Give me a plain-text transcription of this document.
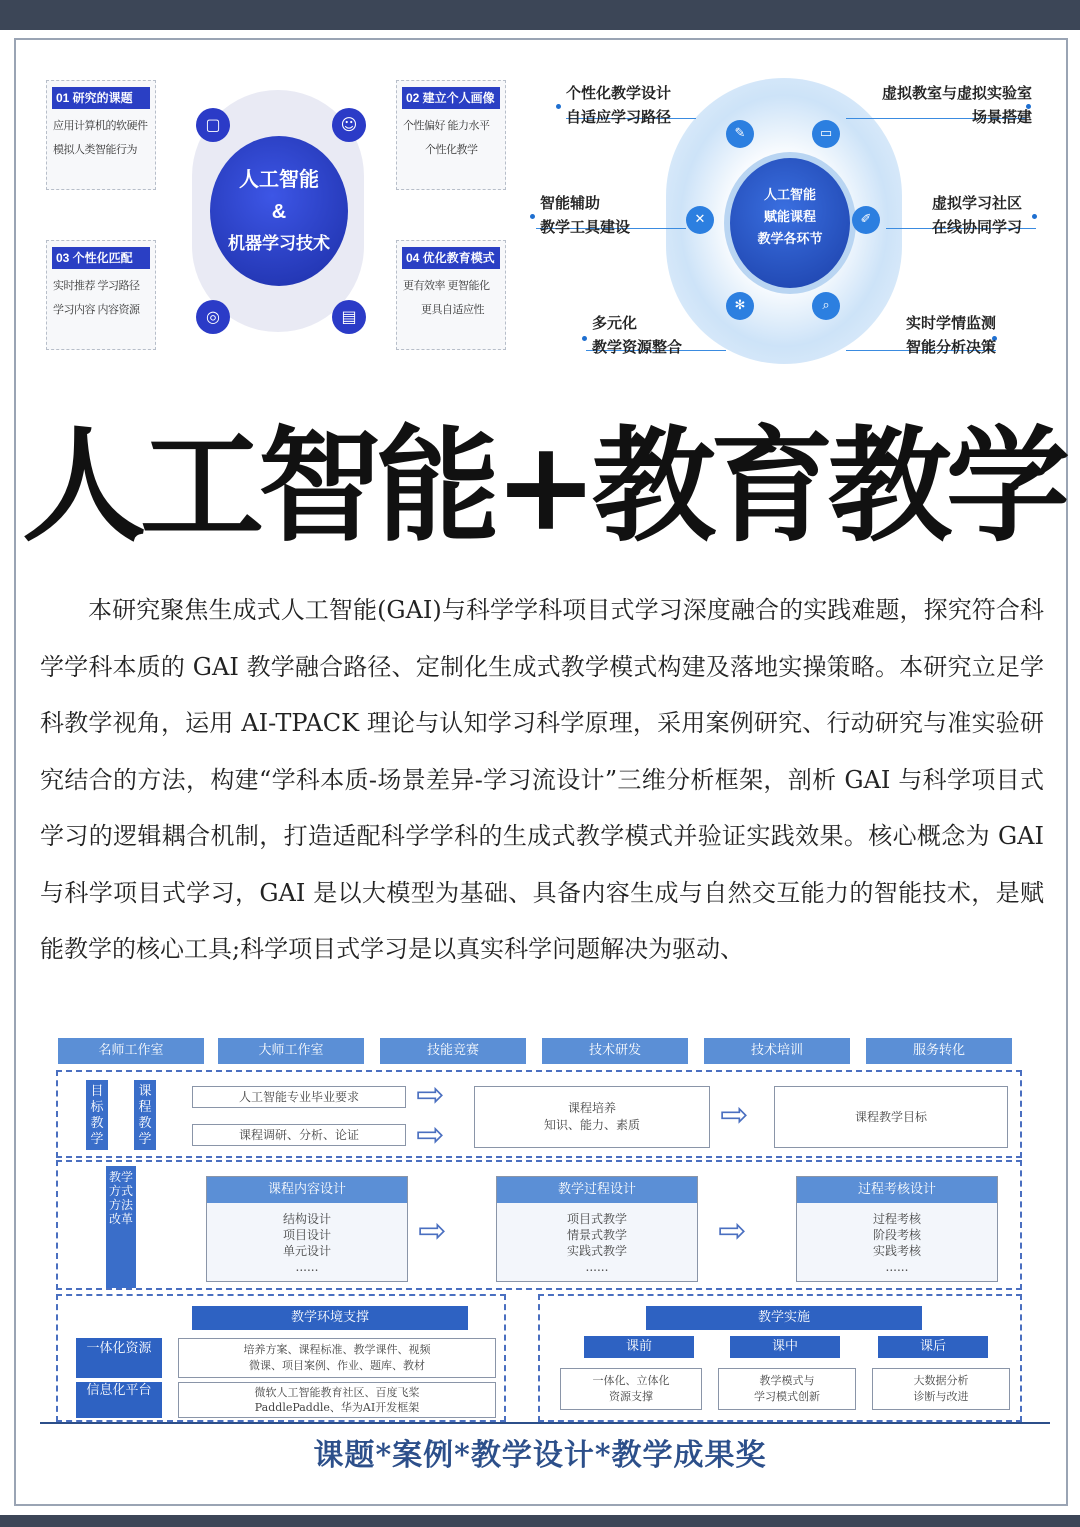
01 研究的课题
应用计算机的软硬件
模拟人类智能行为
02 建立个人画像
个性偏好 能力水平
个性化教学
03 个性化匹配
实时推荐 学习路径
学习内容 内容资源
04 优化教育模式
更有效率 更智能化
更具自适应性
人工智能
&
机器学习技术
▢	☺
◎	▤
人工智能
赋能课程
教学各环节
✎	▭
✕	✐
✻	⌕
个性化教学设计
自适应学习路径
虚拟教室与虚拟实验室
场景搭建
智能辅助
教学工具建设
虚拟学习社区
在线协同学习
多元化
教学资源整合
实时学情监测
智能分析决策
人工智能+教育教学
本研究聚焦生成式人工智能(GAI)与科学学科项目式学习深度融合的实践难题，探究符合科学学科本质的 GAI 教学融合路径、定制化生成式教学模式构建及落地实操策略。本研究立足学科教学视角，运用 AI-TPACK 理论与认知学习科学原理，采用案例研究、行动研究与准实验研究结合的方法，构建“学科本质-场景差异-学习流设计”三维分析框架，剖析 GAI 与科学项目式学习的逻辑耦合机制，打造适配科学学科的生成式教学模式并验证实践效果。核心概念为 GAI 与科学项目式学习，GAI 是以大模型为基础、具备内容生成与自然交互能力的智能技术，是赋能教学的核心工具;科学项目式学习是以真实科学问题解决为驱动、
名师工作室	大师工作室	技能竞赛	技术研发	技术培训	服务转化
目标教学
课程教学
人工智能专业毕业要求
课程调研、分析、论证
⇨
⇨
课程培养
知识、能力、素质	⇨	课程教学目标
教学方式方法改革
课程内容设计
结构设计
项目设计
单元设计
......
⇨
教学过程设计
项目式教学
情景式教学
实践式教学
......
⇨
过程考核设计
过程考核
阶段考核
实践考核
......
教学环境支撑
一体化资源	培养方案、课程标准、教学课件、视频
微课、项目案例、作业、题库、教材
信息化平台	微软人工智能教育社区、百度飞桨
PaddlePaddle、华为AI开发框架
教学实施
课前	课中	课后
一体化、立体化
资源支撑
教学模式与
学习模式创新
大数据分析
诊断与改进
课题*案例*教学设计*教学成果奖
